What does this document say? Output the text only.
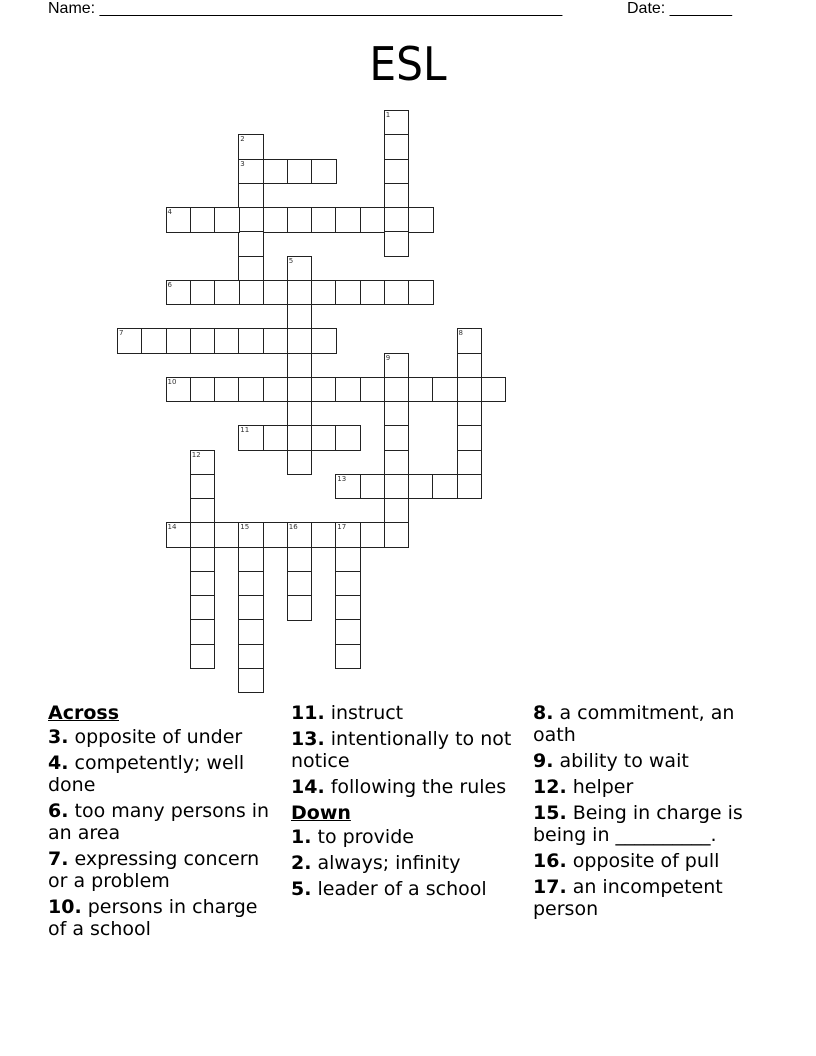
Name: ____________________________________________________	Date: _______
ESL
1
2
3
4
5
6
7	8
9
10
11
12
13
14	15	16	17
Across
3. opposite of under
4. competently; well done
6. too many persons in an area
7. expressing concern or a problem
10. persons in charge of a school
11. instruct
13. intentionally to not notice
14. following the rules
Down
1. to provide
2. always; infinity
5. leader of a school
8. a commitment, an oath
9. ability to wait
12. helper
15. Being in charge is being in __________.
16. opposite of pull
17. an incompetent person
